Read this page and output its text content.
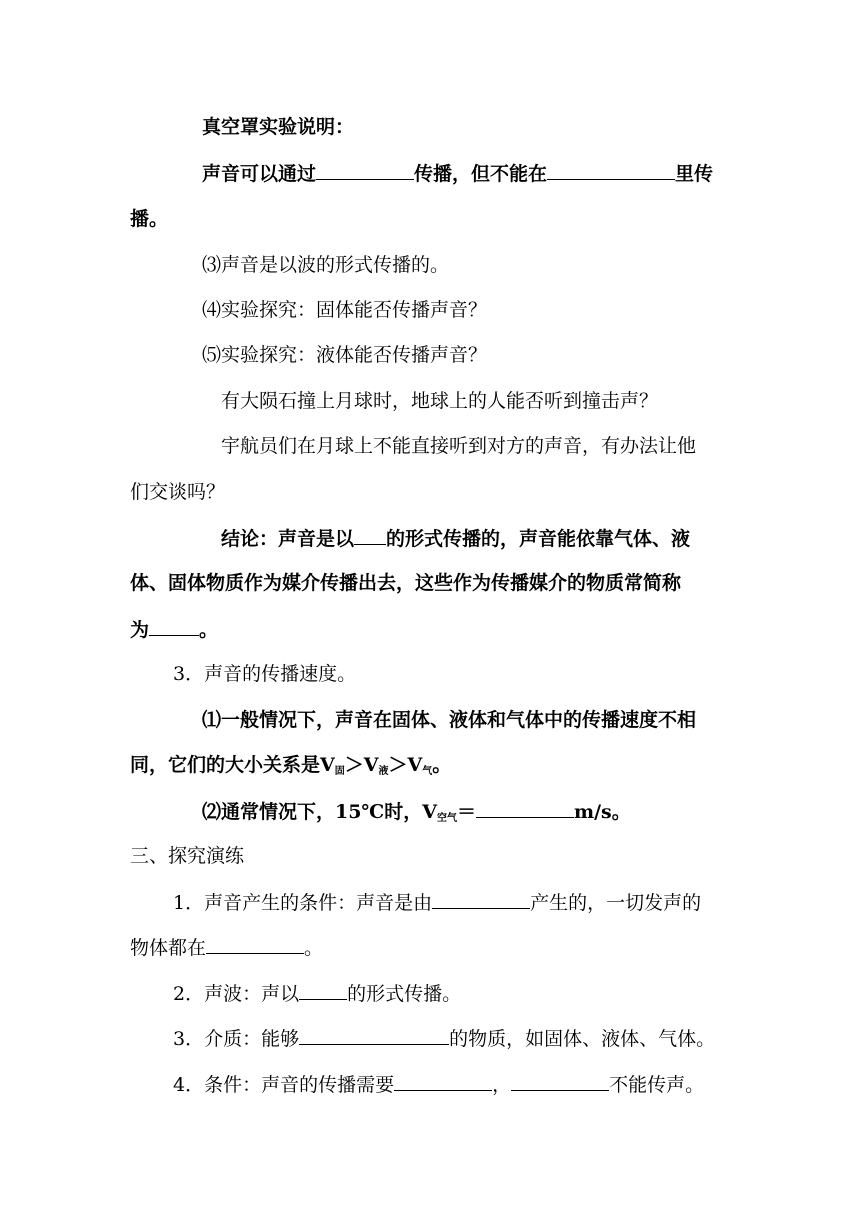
真空罩实验说明：
声音可以通过	传播，但不能在	里传
播。
⑶声音是以波的形式传播的。
⑷实验探究：固体能否传播声音？
⑸实验探究：液体能否传播声音？
有大陨石撞上月球时，地球上的人能否听到撞击声？
宇航员们在月球上不能直接听到对方的声音，有办法让他
们交谈吗？
结论：声音是以 的形式传播的，声音能依靠气体、液
体、固体物质作为媒介传播出去，这些作为传播媒介的物质常简称
为	。
3．声音的传播速度。
⑴一般情况下，声音在固体、液体和气体中的传播速度不相
同，它们的大小关系是$V_固>V_液>V_气$。
⑵通常情况下，15℃时，$V_{空气}=$	m/s。
三、探究演练
1．声音产生的条件：声音是由	产生的，一切发声的
物体都在	。
2．声波：声以	的形式传播。
3．介质：能够	的物质，如固体、液体、气体。
4．条件：声音的传播需要	，	不能传声。
